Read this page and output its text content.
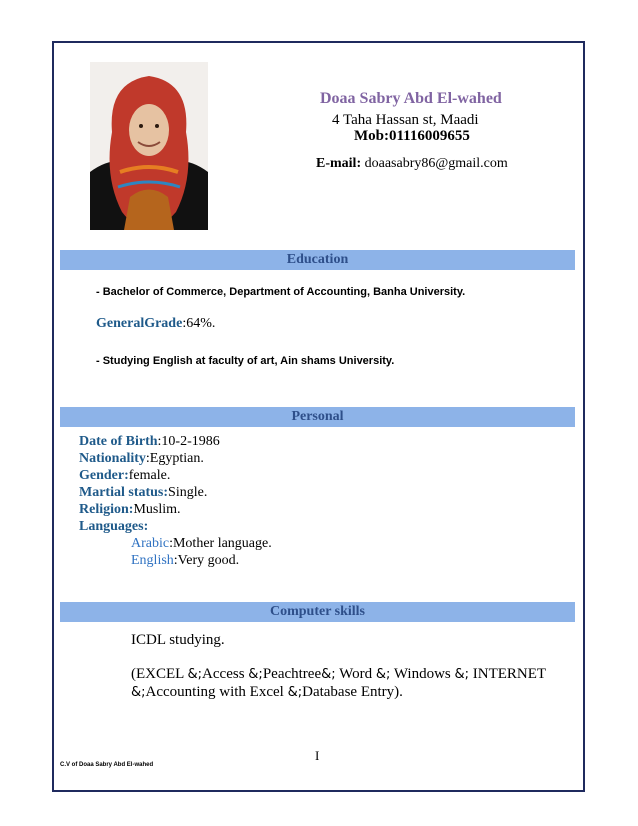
Doaa Sabry Abd El-wahed
4 Taha Hassan st, Maadi
Mob:01116009655
E-mail: doaasabry86@gmail.com
Education
- Bachelor of Commerce, Department of Accounting, Banha University.
GeneralGrade:64%.
- Studying English at faculty of art, Ain shams University.
Personal
Date of Birth:10-2-1986
Nationality:Egyptian.
Gender:female.
Martial status:Single.
Religion:Muslim.
Languages:
Arabic:Mother language.
English:Very good.
Computer skills
ICDL studying.
(EXCEL &;Access &;Peachtree&; Word &; Windows &; INTERNET
&;Accounting with Excel &;Database Entry).
I
C.V of Doaa Sabry Abd El-wahed
